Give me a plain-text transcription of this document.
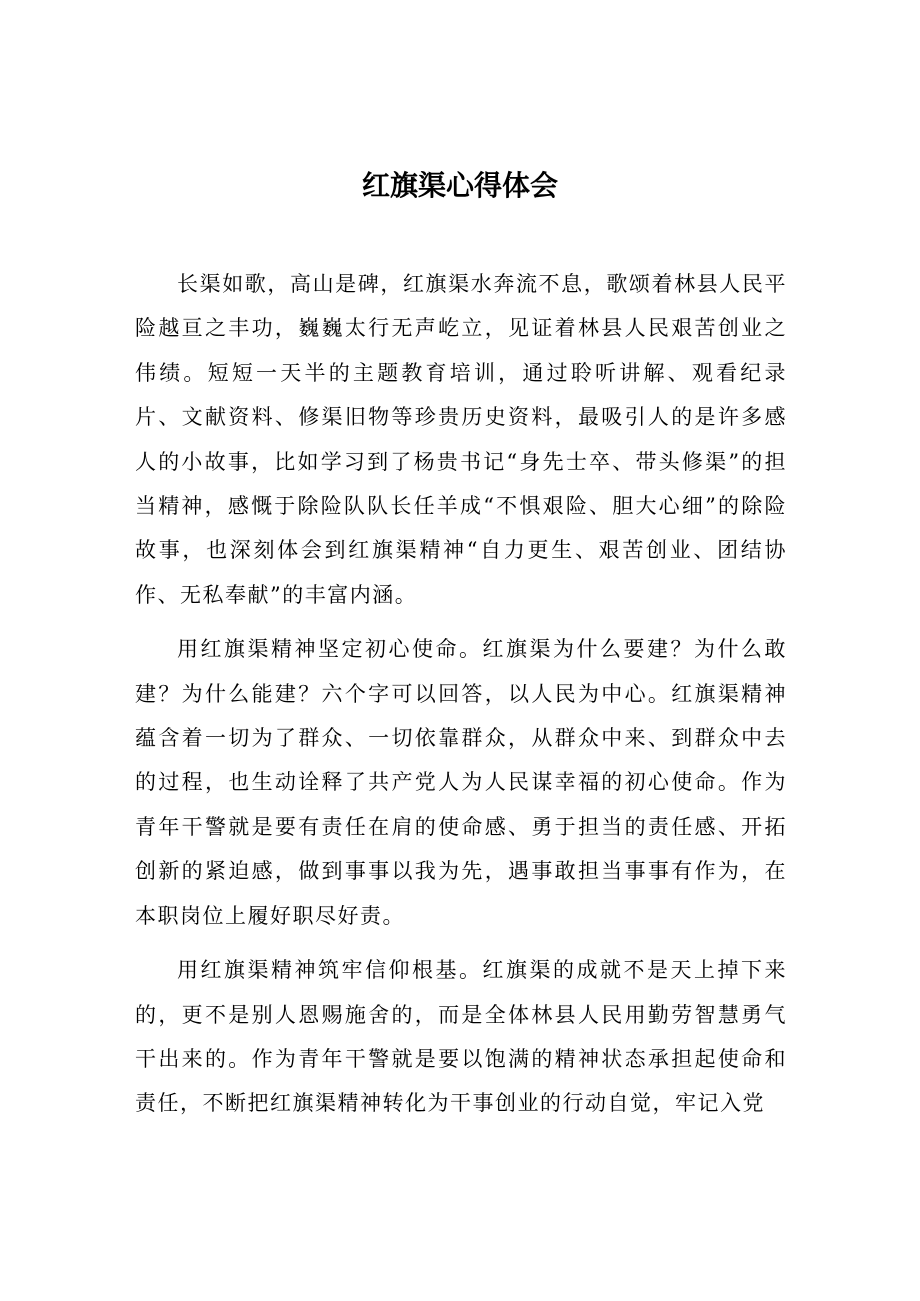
红旗渠心得体会

长渠如歌，高山是碑，红旗渠水奔流不息，歌颂着林县人民平险越亘之丰功，巍巍太行无声屹立，见证着林县人民艰苦创业之伟绩。短短一天半的主题教育培训，通过聆听讲解、观看纪录片、文献资料、修渠旧物等珍贵历史资料，最吸引人的是许多感人的小故事，比如学习到了杨贵书记“身先士卒、带头修渠”的担当精神，感慨于除险队队长任羊成“不惧艰险、胆大心细”的除险故事，也深刻体会到红旗渠精神“自力更生、艰苦创业、团结协作、无私奉献”的丰富内涵。

用红旗渠精神坚定初心使命。红旗渠为什么要建？为什么敢建？为什么能建？六个字可以回答，以人民为中心。红旗渠精神蕴含着一切为了群众、一切依靠群众，从群众中来、到群众中去的过程，也生动诠释了共产党人为人民谋幸福的初心使命。作为青年干警就是要有责任在肩的使命感、勇于担当的责任感、开拓创新的紧迫感，做到事事以我为先，遇事敢担当事事有作为，在本职岗位上履好职尽好责。

用红旗渠精神筑牢信仰根基。红旗渠的成就不是天上掉下来的，更不是别人恩赐施舍的，而是全体林县人民用勤劳智慧勇气干出来的。作为青年干警就是要以饱满的精神状态承担起使命和责任，不断把红旗渠精神转化为干事创业的行动自觉，牢记入党
